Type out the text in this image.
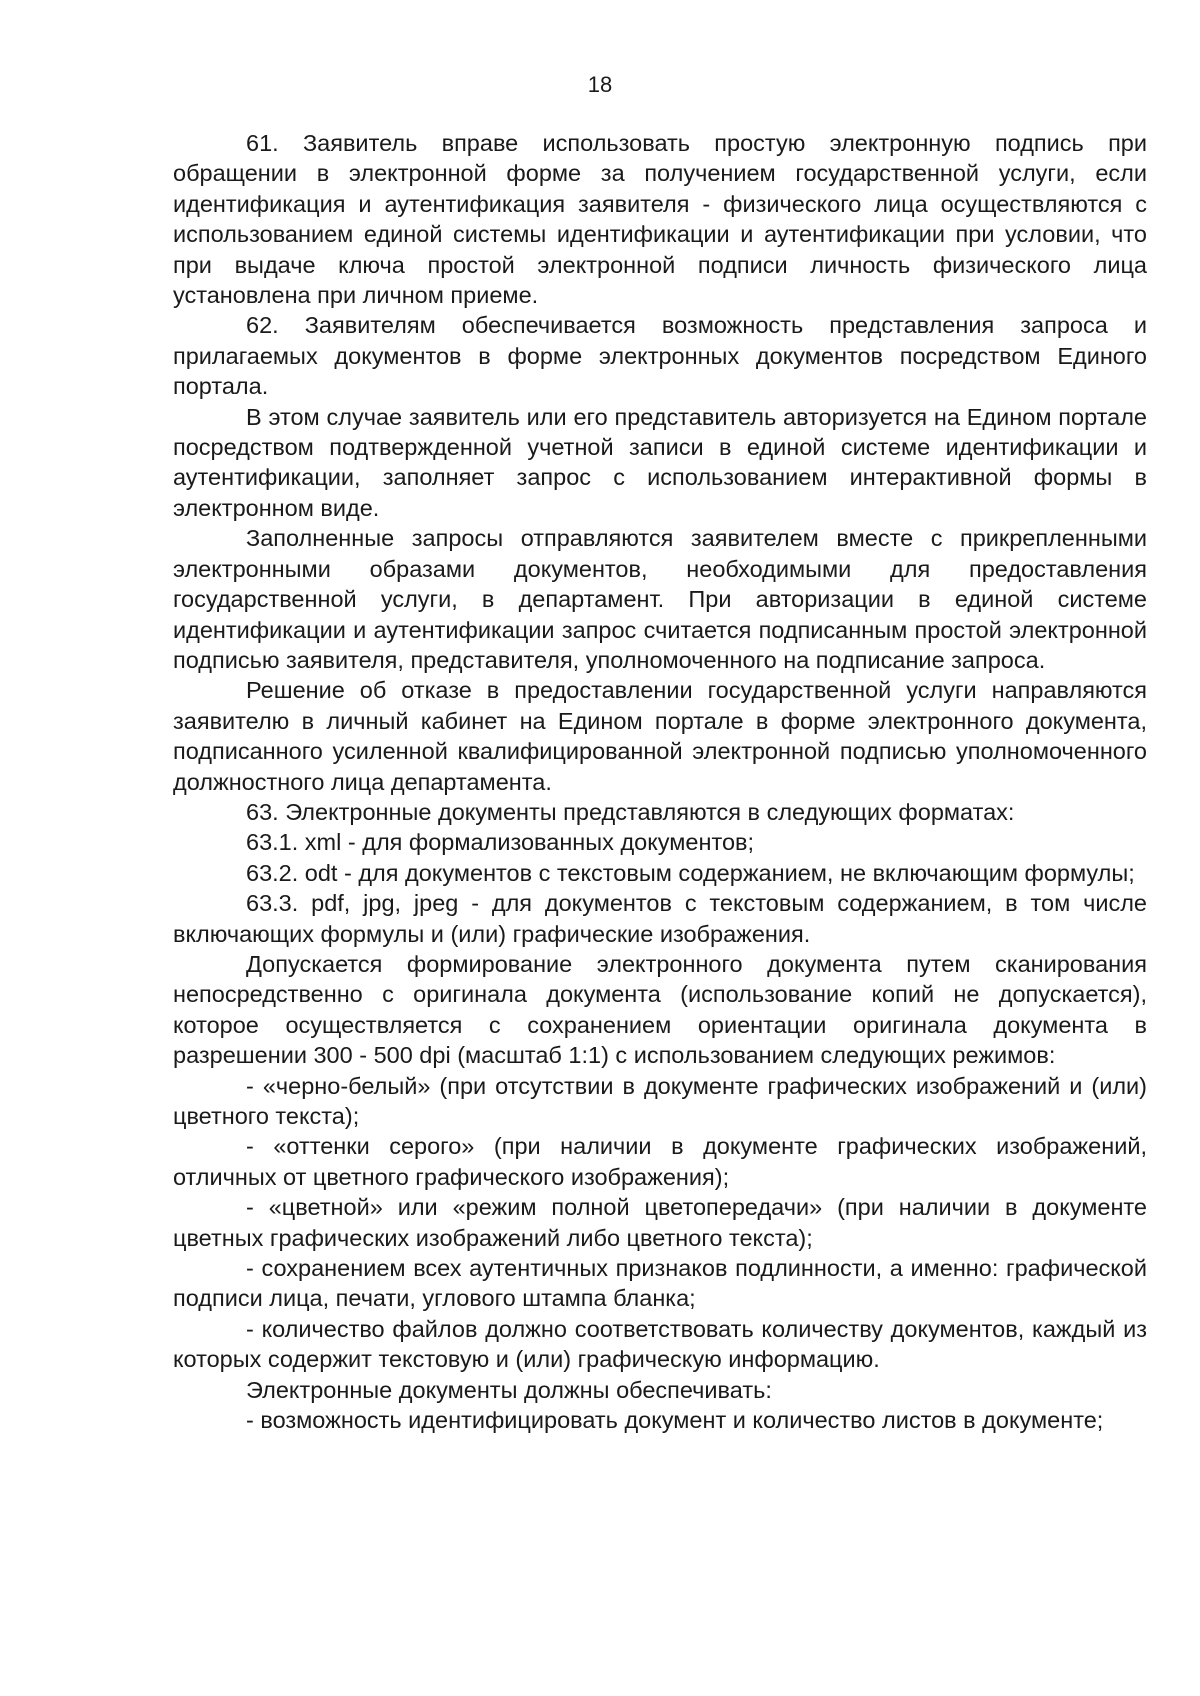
18

61. Заявитель вправе использовать простую электронную подпись при обращении в электронной форме за получением государственной услуги, если идентификация и аутентификация заявителя - физического лица осуществляются с использованием единой системы идентификации и аутентификации при условии, что при выдаче ключа простой электронной подписи личность физического лица установлена при личном приеме.

62. Заявителям обеспечивается возможность представления запроса и прилагаемых документов в форме электронных документов посредством Единого портала.

В этом случае заявитель или его представитель авторизуется на Едином портале посредством подтвержденной учетной записи в единой системе идентификации и аутентификации, заполняет запрос с использованием интерактивной формы в электронном виде.

Заполненные запросы отправляются заявителем вместе с прикрепленными электронными образами документов, необходимыми для предоставления государственной услуги, в департамент. При авторизации в единой системе идентификации и аутентификации запрос считается подписанным простой электронной подписью заявителя, представителя, уполномоченного на подписание запроса.

Решение об отказе в предоставлении государственной услуги направляются заявителю в личный кабинет на Едином портале в форме электронного документа, подписанного усиленной квалифицированной электронной подписью уполномоченного должностного лица департамента.

63. Электронные документы представляются в следующих форматах:

63.1. xml - для формализованных документов;

63.2. odt - для документов с текстовым содержанием, не включающим формулы;

63.3. pdf, jpg, jpeg - для документов с текстовым содержанием, в том числе включающих формулы и (или) графические изображения.

Допускается формирование электронного документа путем сканирования непосредственно с оригинала документа (использование копий не допускается), которое осуществляется с сохранением ориентации оригинала документа в разрешении 300 - 500 dpi (масштаб 1:1) с использованием следующих режимов:

- «черно-белый» (при отсутствии в документе графических изображений и (или) цветного текста);

- «оттенки серого» (при наличии в документе графических изображений, отличных от цветного графического изображения);

- «цветной» или «режим полной цветопередачи» (при наличии в документе цветных графических изображений либо цветного текста);

- сохранением всех аутентичных признаков подлинности, а именно: графической подписи лица, печати, углового штампа бланка;

- количество файлов должно соответствовать количеству документов, каждый из которых содержит текстовую и (или) графическую информацию.

Электронные документы должны обеспечивать:

- возможность идентифицировать документ и количество листов в документе;
